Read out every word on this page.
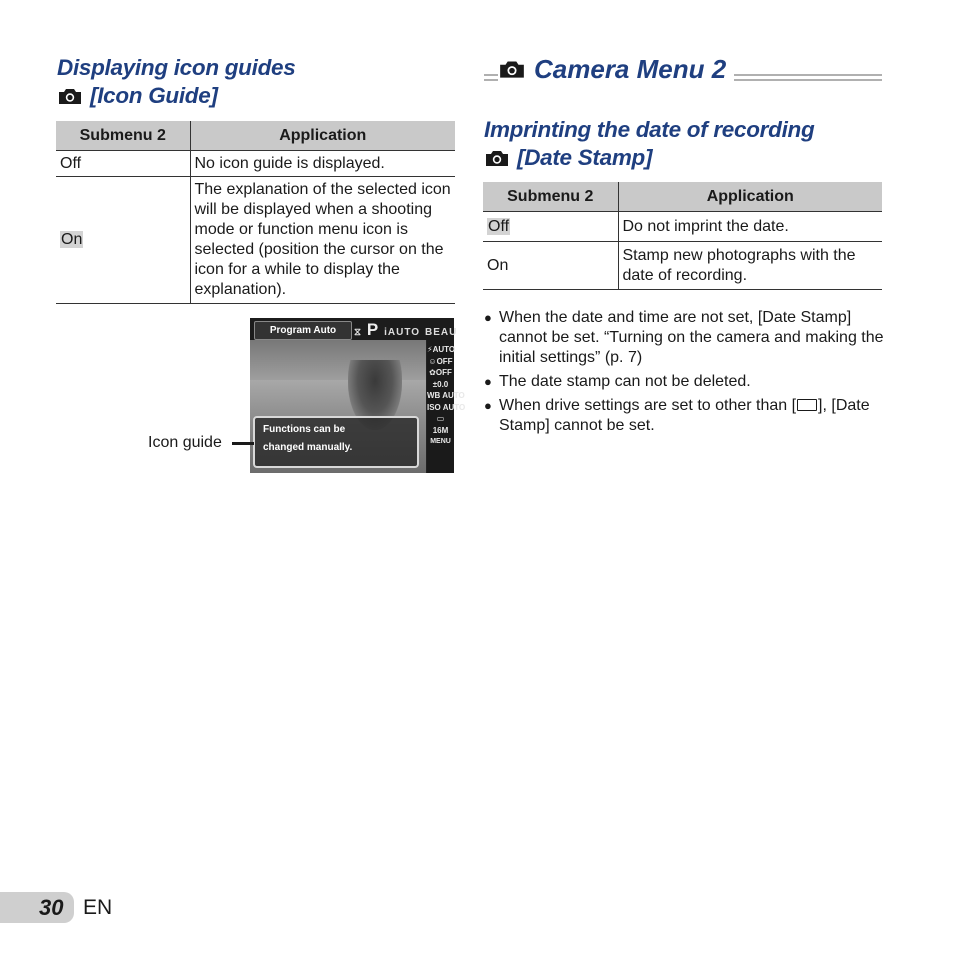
Displaying icon guides
[Icon Guide]
Submenu 2	Application
Off	No icon guide is displayed.
On	The explanation of the selected icon will be displayed when a shooting mode or function menu icon is selected (position the cursor on the icon for a while to display the explanation).
Program Auto	⧖ P iAUTO BEAU
⚡AUTO
☺OFF
✿OFF
±0.0
WB AUTO
ISO AUTO
▭
16M
MENU
Functions can be
changed manually.
Icon guide
Camera Menu 2
Imprinting the date of recording
[Date Stamp]
Submenu 2	Application
Off	Do not imprint the date.
On	Stamp new photographs with the date of recording.
● When the date and time are not set, [Date Stamp] cannot be set. “Turning on the camera and making the initial settings” (p. 7)
● The date stamp can not be deleted.
● When drive settings are set to other than [ ], [Date Stamp] cannot be set.
30 EN
